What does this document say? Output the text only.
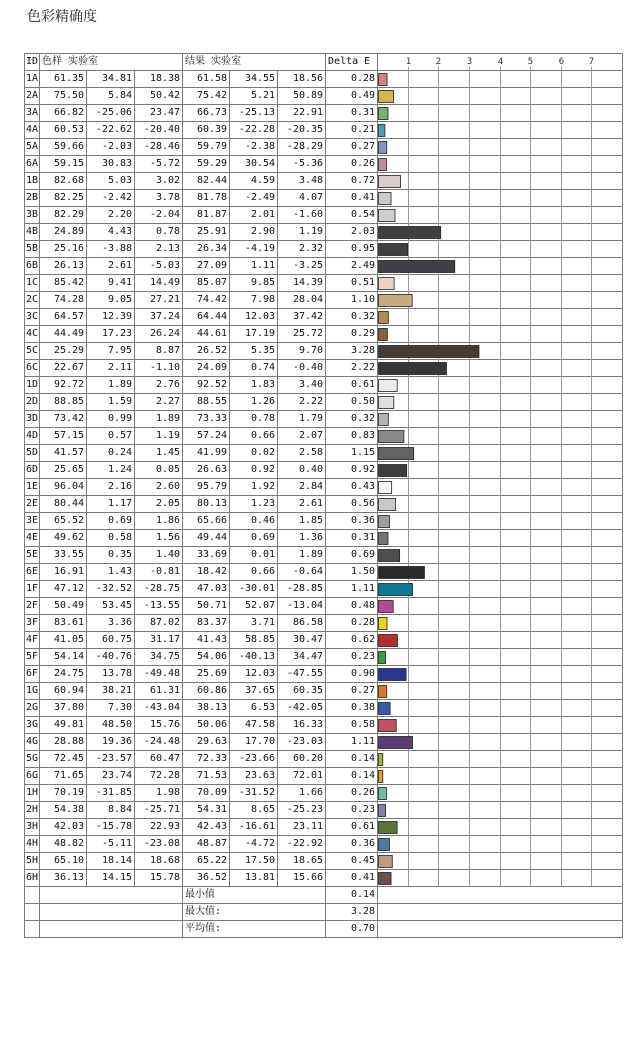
色彩精确度
ID	色样 实验室			结果 实验室			Delta E	
1A	61.35	34.81	18.38	61.58	34.55	18.56	0.28	
2A	75.50	5.84	50.42	75.42	5.21	50.89	0.49	
3A	66.82	-25.06	23.47	66.73	-25.13	22.91	0.31	
4A	60.53	-22.62	-20.40	60.39	-22.28	-20.35	0.21	
5A	59.66	-2.03	-28.46	59.79	-2.38	-28.29	0.27	
6A	59.15	30.83	-5.72	59.29	30.54	-5.36	0.26	
1B	82.68	5.03	3.02	82.44	4.59	3.48	0.72	
2B	82.25	-2.42	3.78	81.78	-2.49	4.07	0.41	
3B	82.29	2.20	-2.04	81.87	2.01	-1.60	0.54	
4B	24.89	4.43	0.78	25.91	2.90	1.19	2.03	
5B	25.16	-3.88	2.13	26.34	-4.19	2.32	0.95	
6B	26.13	2.61	-5.03	27.09	1.11	-3.25	2.49	
1C	85.42	9.41	14.49	85.07	9.85	14.39	0.51	
2C	74.28	9.05	27.21	74.42	7.98	28.04	1.10	
3C	64.57	12.39	37.24	64.44	12.03	37.42	0.32	
4C	44.49	17.23	26.24	44.61	17.19	25.72	0.29	
5C	25.29	7.95	8.87	26.52	5.35	9.70	3.28	
6C	22.67	2.11	-1.10	24.09	0.74	-0.40	2.22	
1D	92.72	1.89	2.76	92.52	1.83	3.40	0.61	
2D	88.85	1.59	2.27	88.55	1.26	2.22	0.50	
3D	73.42	0.99	1.89	73.33	0.78	1.79	0.32	
4D	57.15	0.57	1.19	57.24	0.66	2.07	0.83	
5D	41.57	0.24	1.45	41.99	0.02	2.58	1.15	
6D	25.65	1.24	0.05	26.63	0.92	0.40	0.92	
1E	96.04	2.16	2.60	95.79	1.92	2.84	0.43	
2E	80.44	1.17	2.05	80.13	1.23	2.61	0.56	
3E	65.52	0.69	1.86	65.66	0.46	1.85	0.36	
4E	49.62	0.58	1.56	49.44	0.69	1.36	0.31	
5E	33.55	0.35	1.40	33.69	0.01	1.89	0.69	
6E	16.91	1.43	-0.81	18.42	0.66	-0.64	1.50	
1F	47.12	-32.52	-28.75	47.03	-30.01	-28.85	1.11	
2F	50.49	53.45	-13.55	50.71	52.07	-13.04	0.48	
3F	83.61	3.36	87.02	83.37	3.71	86.58	0.28	
4F	41.05	60.75	31.17	41.43	58.85	30.47	0.62	
5F	54.14	-40.76	34.75	54.06	-40.13	34.47	0.23	
6F	24.75	13.78	-49.48	25.69	12.03	-47.55	0.90	
1G	60.94	38.21	61.31	60.86	37.65	60.35	0.27	
2G	37.80	7.30	-43.04	38.13	6.53	-42.05	0.38	
3G	49.81	48.50	15.76	50.06	47.58	16.33	0.58	
4G	28.88	19.36	-24.48	29.63	17.70	-23.03	1.11	
5G	72.45	-23.57	60.47	72.33	-23.66	60.20	0.14	
6G	71.65	23.74	72.28	71.53	23.63	72.01	0.14	
1H	70.19	-31.85	1.98	70.09	-31.52	1.66	0.26	
2H	54.38	8.84	-25.71	54.31	8.65	-25.23	0.23	
3H	42.03	-15.78	22.93	42.43	-16.61	23.11	0.61	
4H	48.82	-5.11	-23.08	48.87	-4.72	-22.92	0.36	
5H	65.10	18.14	18.68	65.22	17.50	18.65	0.45	
6H	36.13	14.15	15.78	36.52	13.81	15.66	0.41	
				最小值			0.14	
				最大值:			3.28	
				平均值:			0.70	
1	2	3	4	5	6	7
